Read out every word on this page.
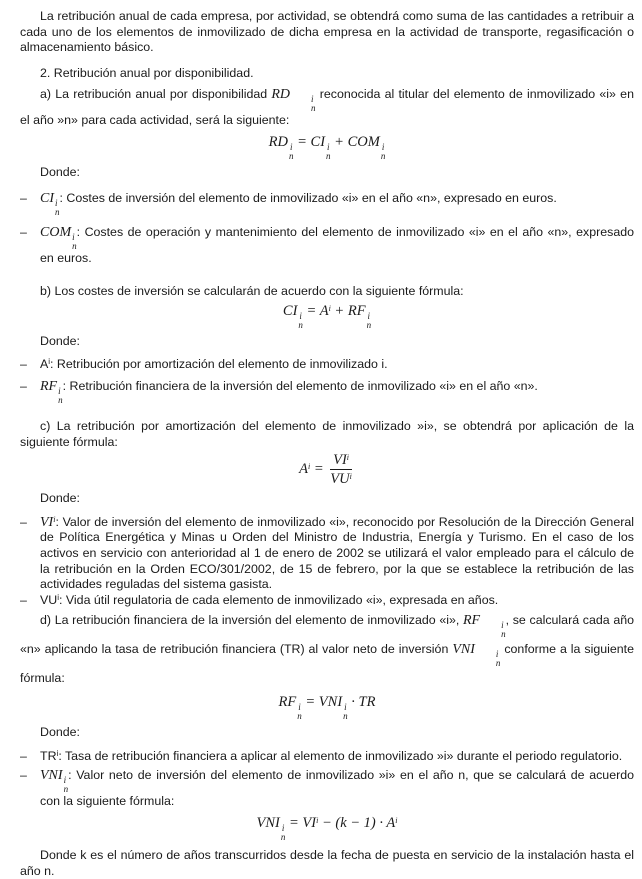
La retribución anual de cada empresa, por actividad, se obtendrá como suma de las cantidades a retribuir a cada uno de los elementos de inmovilizado de dicha empresa en la actividad de transporte, regasificación o almacenamiento básico.

2. Retribución anual por disponibilidad.

a) La retribución anual por disponibilidad RD	i
n
reconocida al titular del elemento de inmovilizado «i» en el año »n» para cada actividad, será la siguiente:

RD i
n
= CI i
n
+ COM i
n

Donde:

– CI i
n
: Costes de inversión del elemento de inmovilizado «i» en el año «n», expresado en euros.

– COM i
n
: Costes de operación y mantenimiento del elemento de inmovilizado «i» en el año «n», expresado en euros.

b) Los costes de inversión se calcularán de acuerdo con la siguiente fórmula:

CI i
n
= $A^i$ + RF i
n

Donde:

– $A^i$: Retribución por amortización del elemento de inmovilizado i.

– RF i
n
: Retribución financiera de la inversión del elemento de inmovilizado «i» en el año «n».

c) La retribución por amortización del elemento de inmovilizado »i», se obtendrá por aplicación de la siguiente fórmula:

$A^i = \frac{VI^i}{VU^i}$

Donde:

– $VI^i$: Valor de inversión del elemento de inmovilizado «i», reconocido por Resolución de la Dirección General de Política Energética y Minas u Orden del Ministro de Industria, Energía y Turismo. En el caso de los activos en servicio con anterioridad al 1 de enero de 2002 se utilizará el valor empleado para el cálculo de la retribución en la Orden ECO/301/2002, de 15 de febrero, por la que se establece la retribución de las actividades reguladas del sistema gasista.

– $VU^i$: Vida útil regulatoria de cada elemento de inmovilizado «i», expresada en años.

d) La retribución financiera de la inversión del elemento de inmovilizado «i», RF	i
n
, se calculará cada año «n» aplicando la tasa de retribución financiera (TR) al valor neto de inversión VNI	i
n
conforme a la siguiente fórmula:

RF i
n
= VNI i
n
· TR

Donde:

– $TR^i$: Tasa de retribución financiera a aplicar al elemento de inmovilizado »i» durante el periodo regulatorio.

– VNI i
n
: Valor neto de inversión del elemento de inmovilizado »i» en el año n, que se calculará de acuerdo con la siguiente fórmula:

VNI i
n
= $VI^i - (k - 1) \cdot A^i$

Donde k es el número de años transcurridos desde la fecha de puesta en servicio de la instalación hasta el año n.
